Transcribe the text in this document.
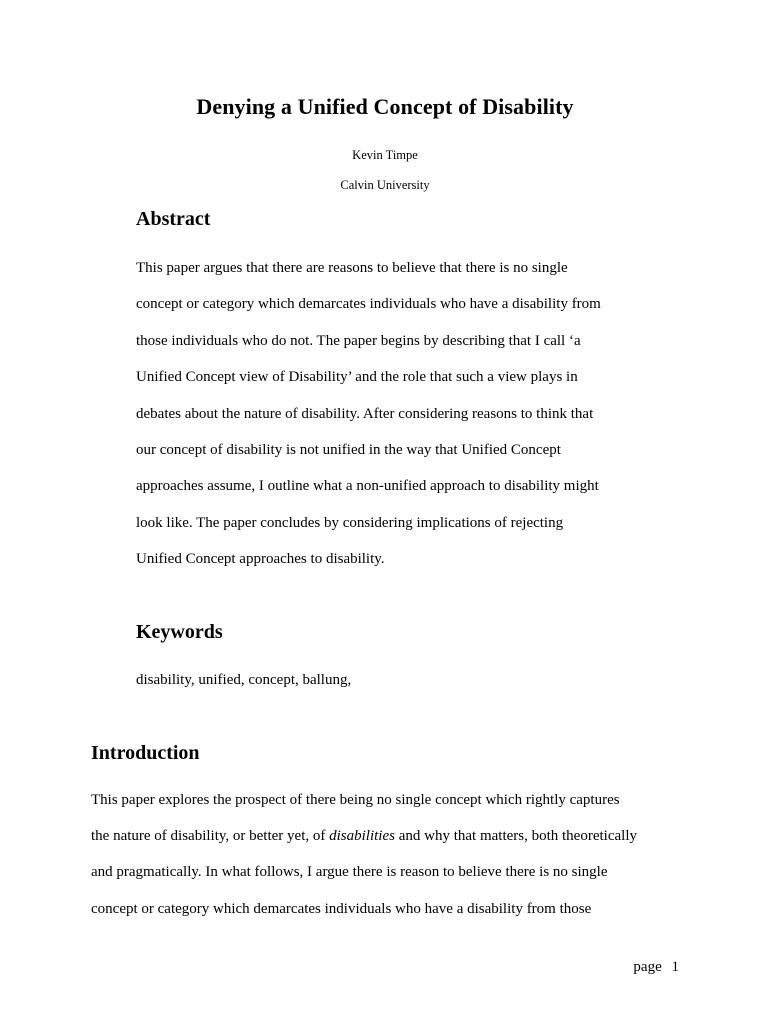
Denying a Unified Concept of Disability
Kevin Timpe
Calvin University
Abstract
This paper argues that there are reasons to believe that there is no single
concept or category which demarcates individuals who have a disability from
those individuals who do not. The paper begins by describing that I call ‘a
Unified Concept view of Disability’ and the role that such a view plays in
debates about the nature of disability. After considering reasons to think that
our concept of disability is not unified in the way that Unified Concept
approaches assume, I outline what a non-unified approach to disability might
look like. The paper concludes by considering implications of rejecting
Unified Concept approaches to disability.
Keywords
disability, unified, concept, ballung,
Introduction
This paper explores the prospect of there being no single concept which rightly captures
the nature of disability, or better yet, of disabilities and why that matters, both theoretically
and pragmatically. In what follows, I argue there is reason to believe there is no single
concept or category which demarcates individuals who have a disability from those
page 1
